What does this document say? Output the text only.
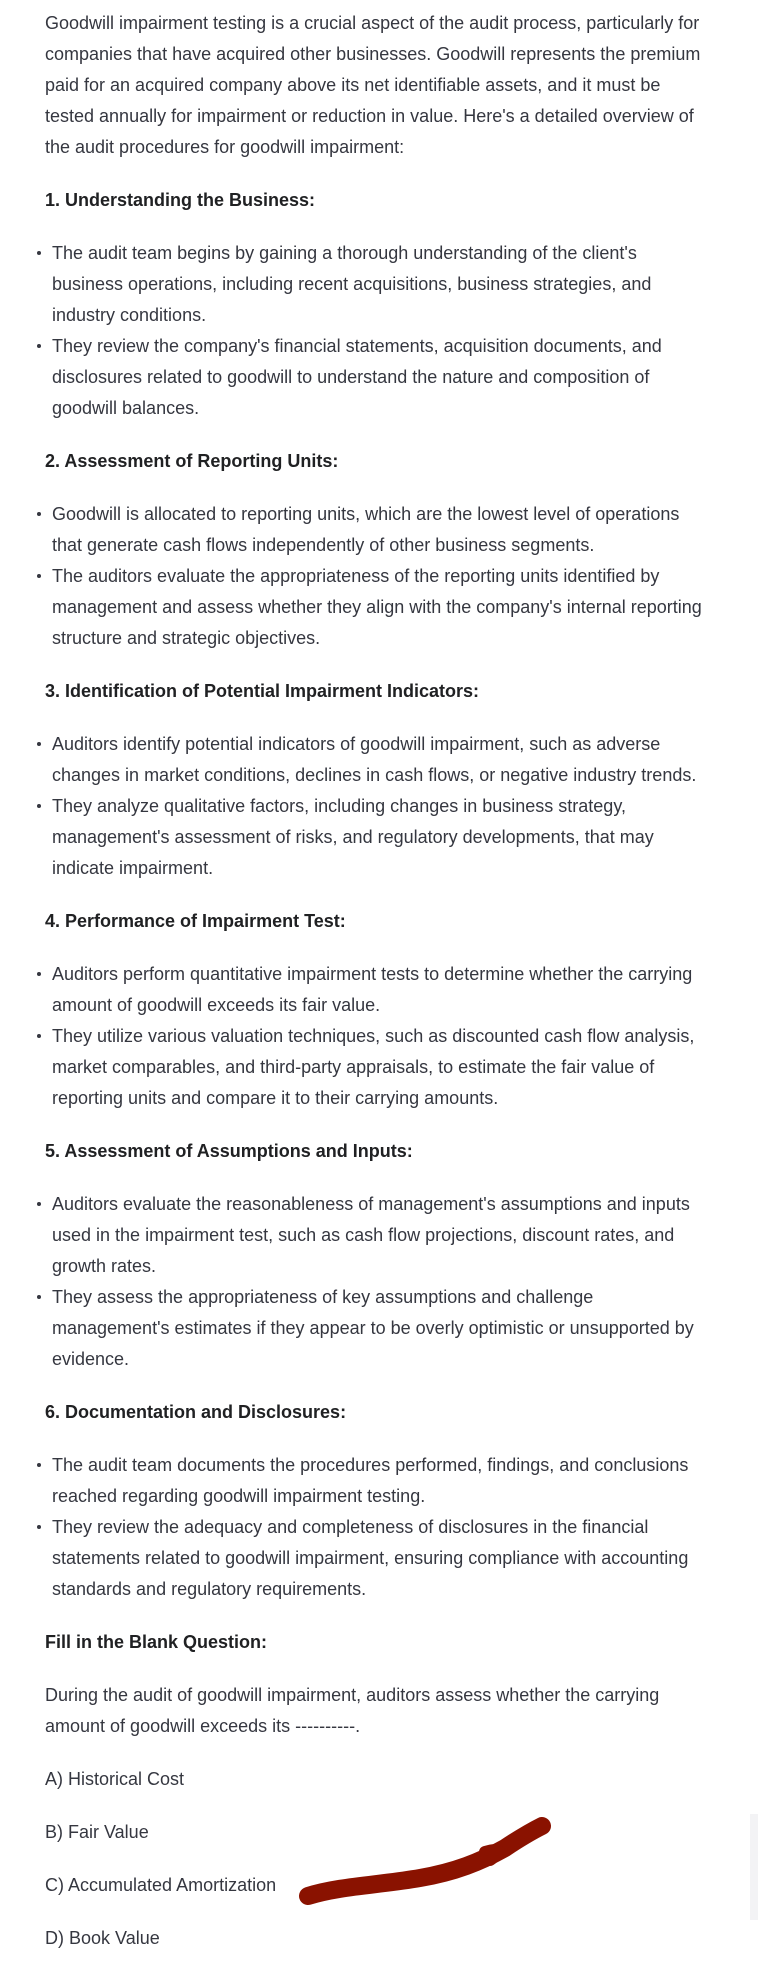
Goodwill impairment testing is a crucial aspect of the audit process, particularly for companies that have acquired other businesses. Goodwill represents the premium paid for an acquired company above its net identifiable assets, and it must be tested annually for impairment or reduction in value. Here's a detailed overview of the audit procedures for goodwill impairment:

1. Understanding the Business:

The audit team begins by gaining a thorough understanding of the client's business operations, including recent acquisitions, business strategies, and industry conditions.
They review the company's financial statements, acquisition documents, and disclosures related to goodwill to understand the nature and composition of goodwill balances.

2. Assessment of Reporting Units:

Goodwill is allocated to reporting units, which are the lowest level of operations that generate cash flows independently of other business segments.
The auditors evaluate the appropriateness of the reporting units identified by management and assess whether they align with the company's internal reporting structure and strategic objectives.

3. Identification of Potential Impairment Indicators:

Auditors identify potential indicators of goodwill impairment, such as adverse changes in market conditions, declines in cash flows, or negative industry trends.
They analyze qualitative factors, including changes in business strategy, management's assessment of risks, and regulatory developments, that may indicate impairment.

4. Performance of Impairment Test:

Auditors perform quantitative impairment tests to determine whether the carrying amount of goodwill exceeds its fair value.
They utilize various valuation techniques, such as discounted cash flow analysis, market comparables, and third-party appraisals, to estimate the fair value of reporting units and compare it to their carrying amounts.

5. Assessment of Assumptions and Inputs:

Auditors evaluate the reasonableness of management's assumptions and inputs used in the impairment test, such as cash flow projections, discount rates, and growth rates.
They assess the appropriateness of key assumptions and challenge management's estimates if they appear to be overly optimistic or unsupported by evidence.

6. Documentation and Disclosures:

The audit team documents the procedures performed, findings, and conclusions reached regarding goodwill impairment testing.
They review the adequacy and completeness of disclosures in the financial statements related to goodwill impairment, ensuring compliance with accounting standards and regulatory requirements.

Fill in the Blank Question:

During the audit of goodwill impairment, auditors assess whether the carrying amount of goodwill exceeds its ----------.

A) Historical Cost

B) Fair Value

C) Accumulated Amortization

D) Book Value
